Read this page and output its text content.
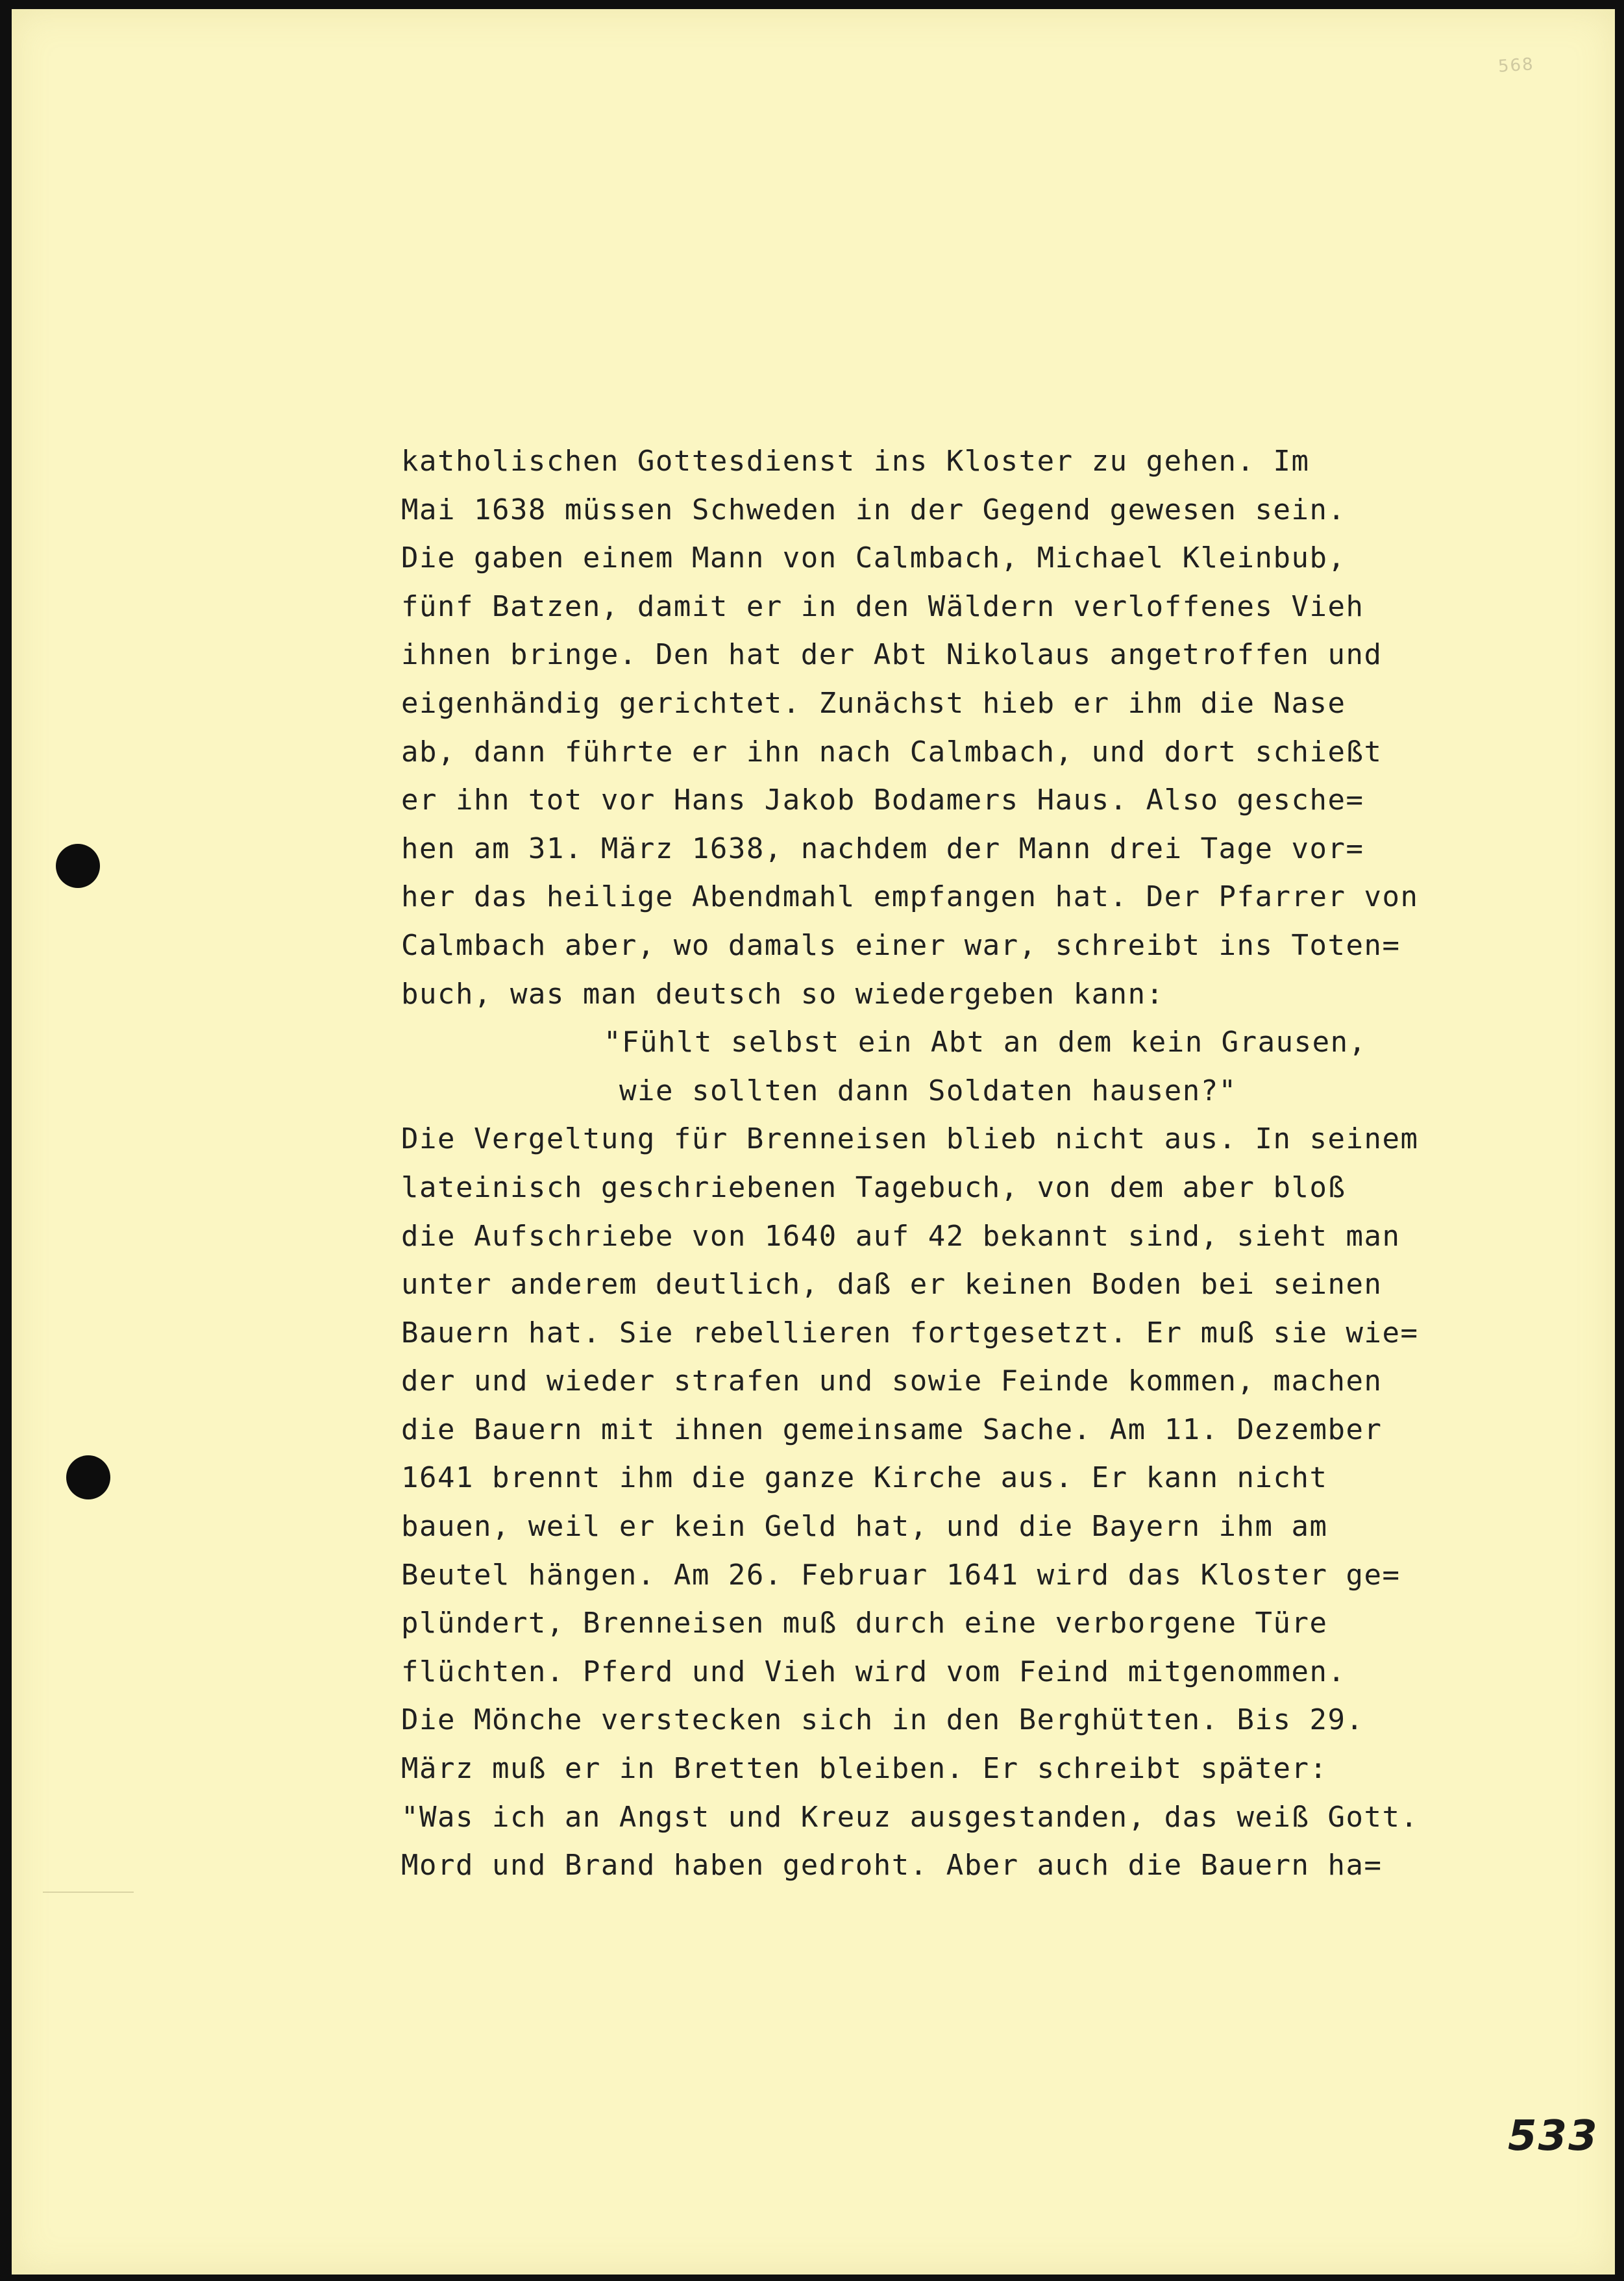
568
katholischen Gottesdienst ins Kloster zu gehen. Im
Mai 1638 müssen Schweden in der Gegend gewesen sein.
Die gaben einem Mann von Calmbach, Michael Kleinbub,
fünf Batzen, damit er in den Wäldern verloffenes Vieh
ihnen bringe. Den hat der Abt Nikolaus angetroffen und
eigenhändig gerichtet. Zunächst hieb er ihm die Nase
ab, dann führte er ihn nach Calmbach, und dort schießt
er ihn tot vor Hans Jakob Bodamers Haus. Also gesche=
hen am 31. März 1638, nachdem der Mann drei Tage vor=
her das heilige Abendmahl empfangen hat. Der Pfarrer von
Calmbach aber, wo damals einer war, schreibt ins Toten=
buch, was man deutsch so wiedergeben kann:
"Fühlt selbst ein Abt an dem kein Grausen,
wie sollten dann Soldaten hausen?"
Die Vergeltung für Brenneisen blieb nicht aus. In seinem
lateinisch geschriebenen Tagebuch, von dem aber bloß
die Aufschriebe von 1640 auf 42 bekannt sind, sieht man
unter anderem deutlich, daß er keinen Boden bei seinen
Bauern hat. Sie rebellieren fortgesetzt. Er muß sie wie=
der und wieder strafen und sowie Feinde kommen, machen
die Bauern mit ihnen gemeinsame Sache. Am 11. Dezember
1641 brennt ihm die ganze Kirche aus. Er kann nicht
bauen, weil er kein Geld hat, und die Bayern ihm am
Beutel hängen. Am 26. Februar 1641 wird das Kloster ge=
plündert, Brenneisen muß durch eine verborgene Türe
flüchten. Pferd und Vieh wird vom Feind mitgenommen.
Die Mönche verstecken sich in den Berghütten. Bis 29.
März muß er in Bretten bleiben. Er schreibt später:
"Was ich an Angst und Kreuz ausgestanden, das weiß Gott.
Mord und Brand haben gedroht. Aber auch die Bauern ha=
533
